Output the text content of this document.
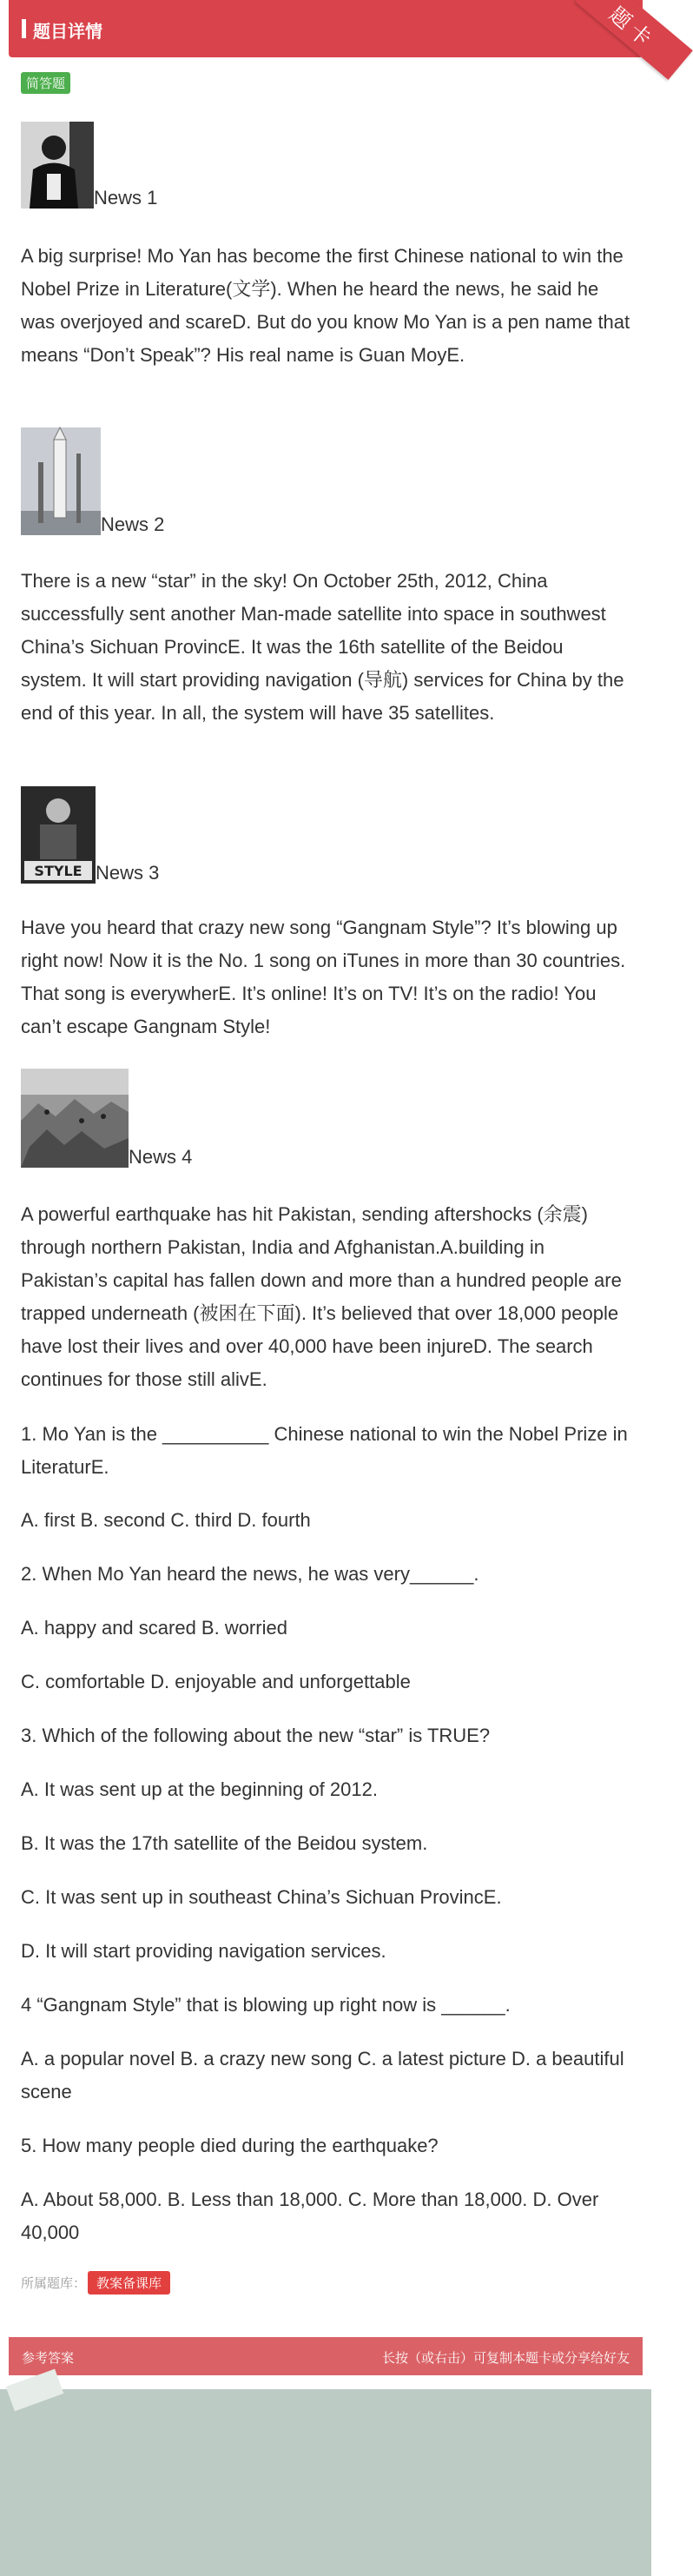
题目详情	题卡
简答题
News 1

A big surprise! Mo Yan has become the first Chinese national to win the Nobel Prize in Literature(文学). When he heard the news, he said he was overjoyed and scareD. But do you know Mo Yan is a pen name that means “Don’t Speak”? His real name is Guan MoyE.

News 2

There is a new “star” in the sky! On October 25th, 2012, China successfully sent another Man-made satellite into space in southwest China’s Sichuan ProvincE. It was the 16th satellite of the Beidou system. It will start providing navigation (导航) services for China by the end of this year. In all, the system will have 35 satellites.

STYLE News 3

Have you heard that crazy new song “Gangnam Style”? It’s blowing up right now! Now it is the No. 1 song on iTunes in more than 30 countries. That song is everywherE. It’s online! It’s on TV! It’s on the radio! You can’t escape Gangnam Style!

News 4

A powerful earthquake has hit Pakistan, sending aftershocks (余震) through northern Pakistan, India and Afghanistan.A.building in Pakistan’s capital has fallen down and more than a hundred people are trapped underneath (被困在下面). It’s believed that over 18,000 people have lost their lives and over 40,000 have been injureD. The search continues for those still alivE.

1. Mo Yan is the __________ Chinese national to win the Nobel Prize in LiteraturE.

A. first B. second C. third D. fourth

2. When Mo Yan heard the news, he was very______.

A. happy and scared B. worried

C. comfortable D. enjoyable and unforgettable

3. Which of the following about the new “star” is TRUE?

A. It was sent up at the beginning of 2012.

B. It was the 17th satellite of the Beidou system.

C. It was sent up in southeast China’s Sichuan ProvincE.

D. It will start providing navigation services.

4 “Gangnam Style” that is blowing up right now is ______.

A. a popular novel B. a crazy new song C. a latest picture D. a beautiful scene

5. How many people died during the earthquake?

A. About 58,000. B. Less than 18,000. C. More than 18,000. D. Over 40,000

所属题库： 教案备课库
参考答案	长按（或右击）可复制本题卡或分享给好友
